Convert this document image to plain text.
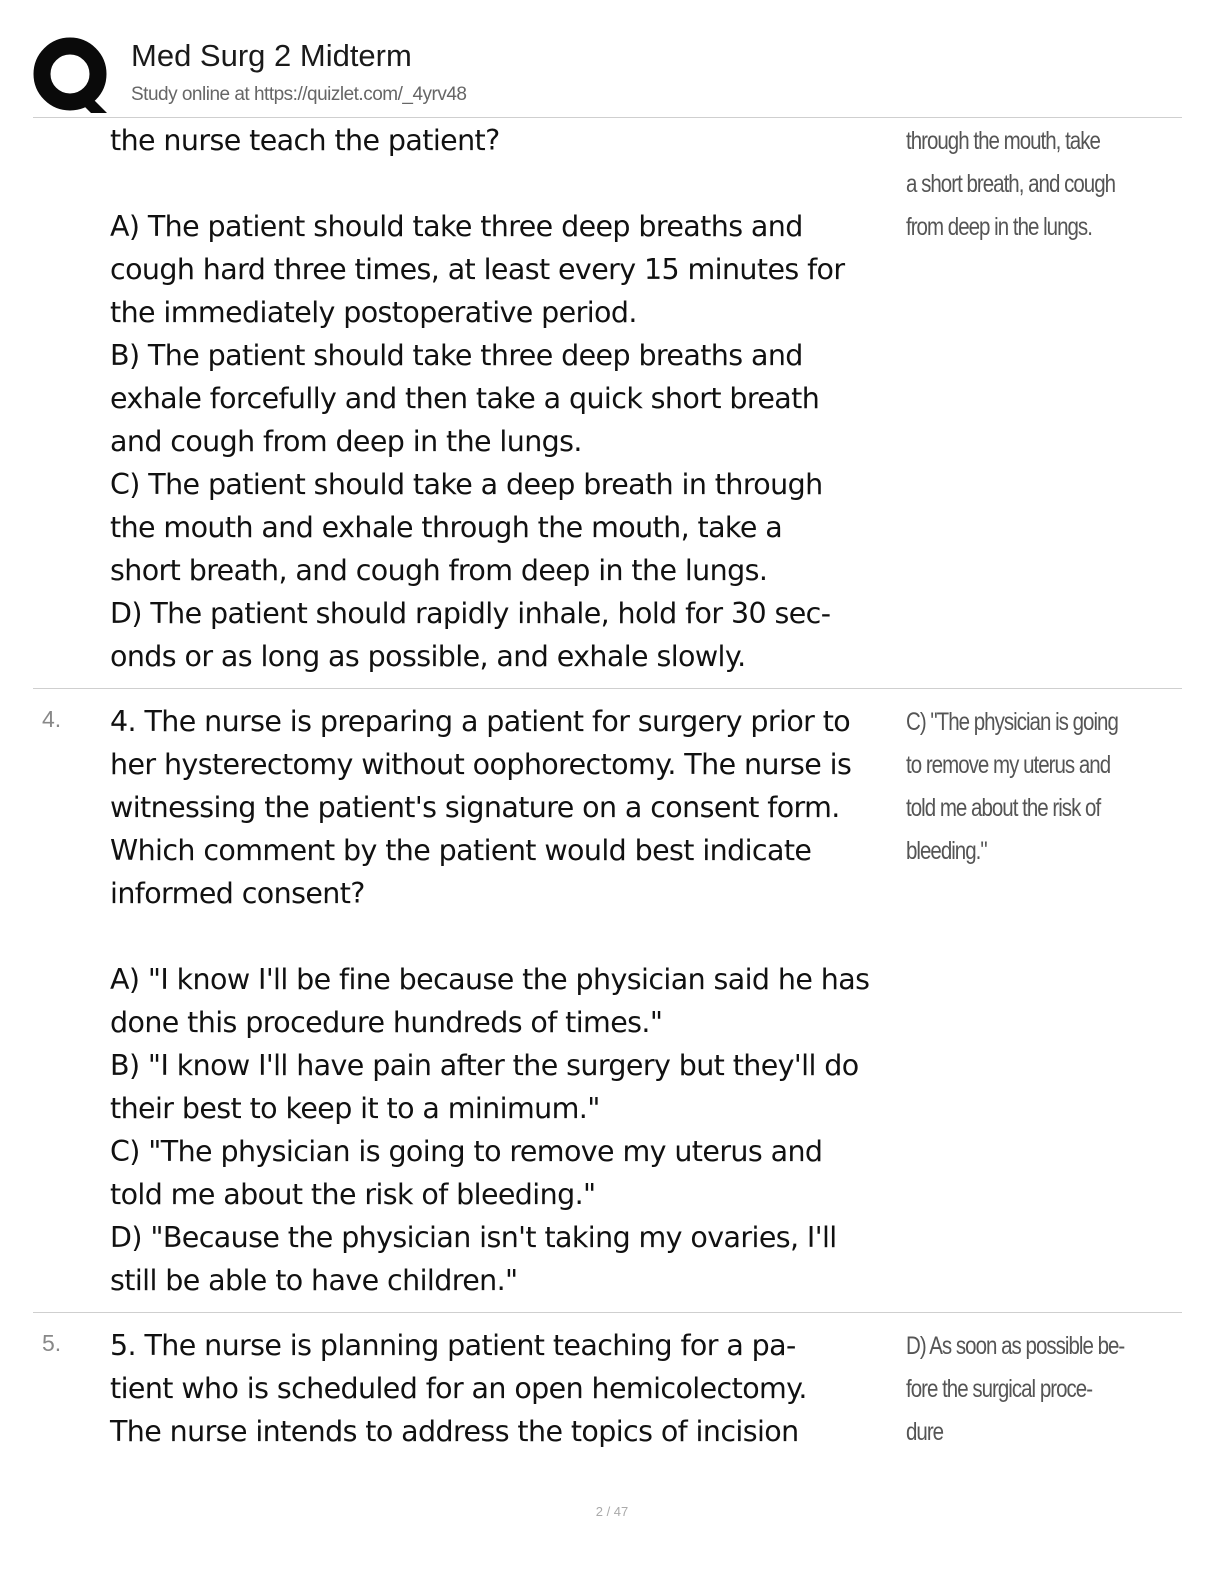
Med Surg 2 Midterm
Study online at https://quizlet.com/_4yrv48
the nurse teach the patient?
A) The patient should take three deep breaths and
cough hard three times, at least every 15 minutes for
the immediately postoperative period.
B) The patient should take three deep breaths and
exhale forcefully and then take a quick short breath
and cough from deep in the lungs.
C) The patient should take a deep breath in through
the mouth and exhale through the mouth, take a
short breath, and cough from deep in the lungs.
D) The patient should rapidly inhale, hold for 30 sec-
onds or as long as possible, and exhale slowly.
through the mouth, take
a short breath, and cough
from deep in the lungs.
4. 4. The nurse is preparing a patient for surgery prior to
her hysterectomy without oophorectomy. The nurse is
witnessing the patient's signature on a consent form.
Which comment by the patient would best indicate
informed consent?
A) "I know I'll be fine because the physician said he has
done this procedure hundreds of times."
B) "I know I'll have pain after the surgery but they'll do
their best to keep it to a minimum."
C) "The physician is going to remove my uterus and
told me about the risk of bleeding."
D) "Because the physician isn't taking my ovaries, I'll
still be able to have children."
C) "The physician is going
to remove my uterus and
told me about the risk of
bleeding."
5. 5. The nurse is planning patient teaching for a pa-
tient who is scheduled for an open hemicolectomy.
The nurse intends to address the topics of incision
D) As soon as possible be-
fore the surgical proce-
dure
2 / 47
